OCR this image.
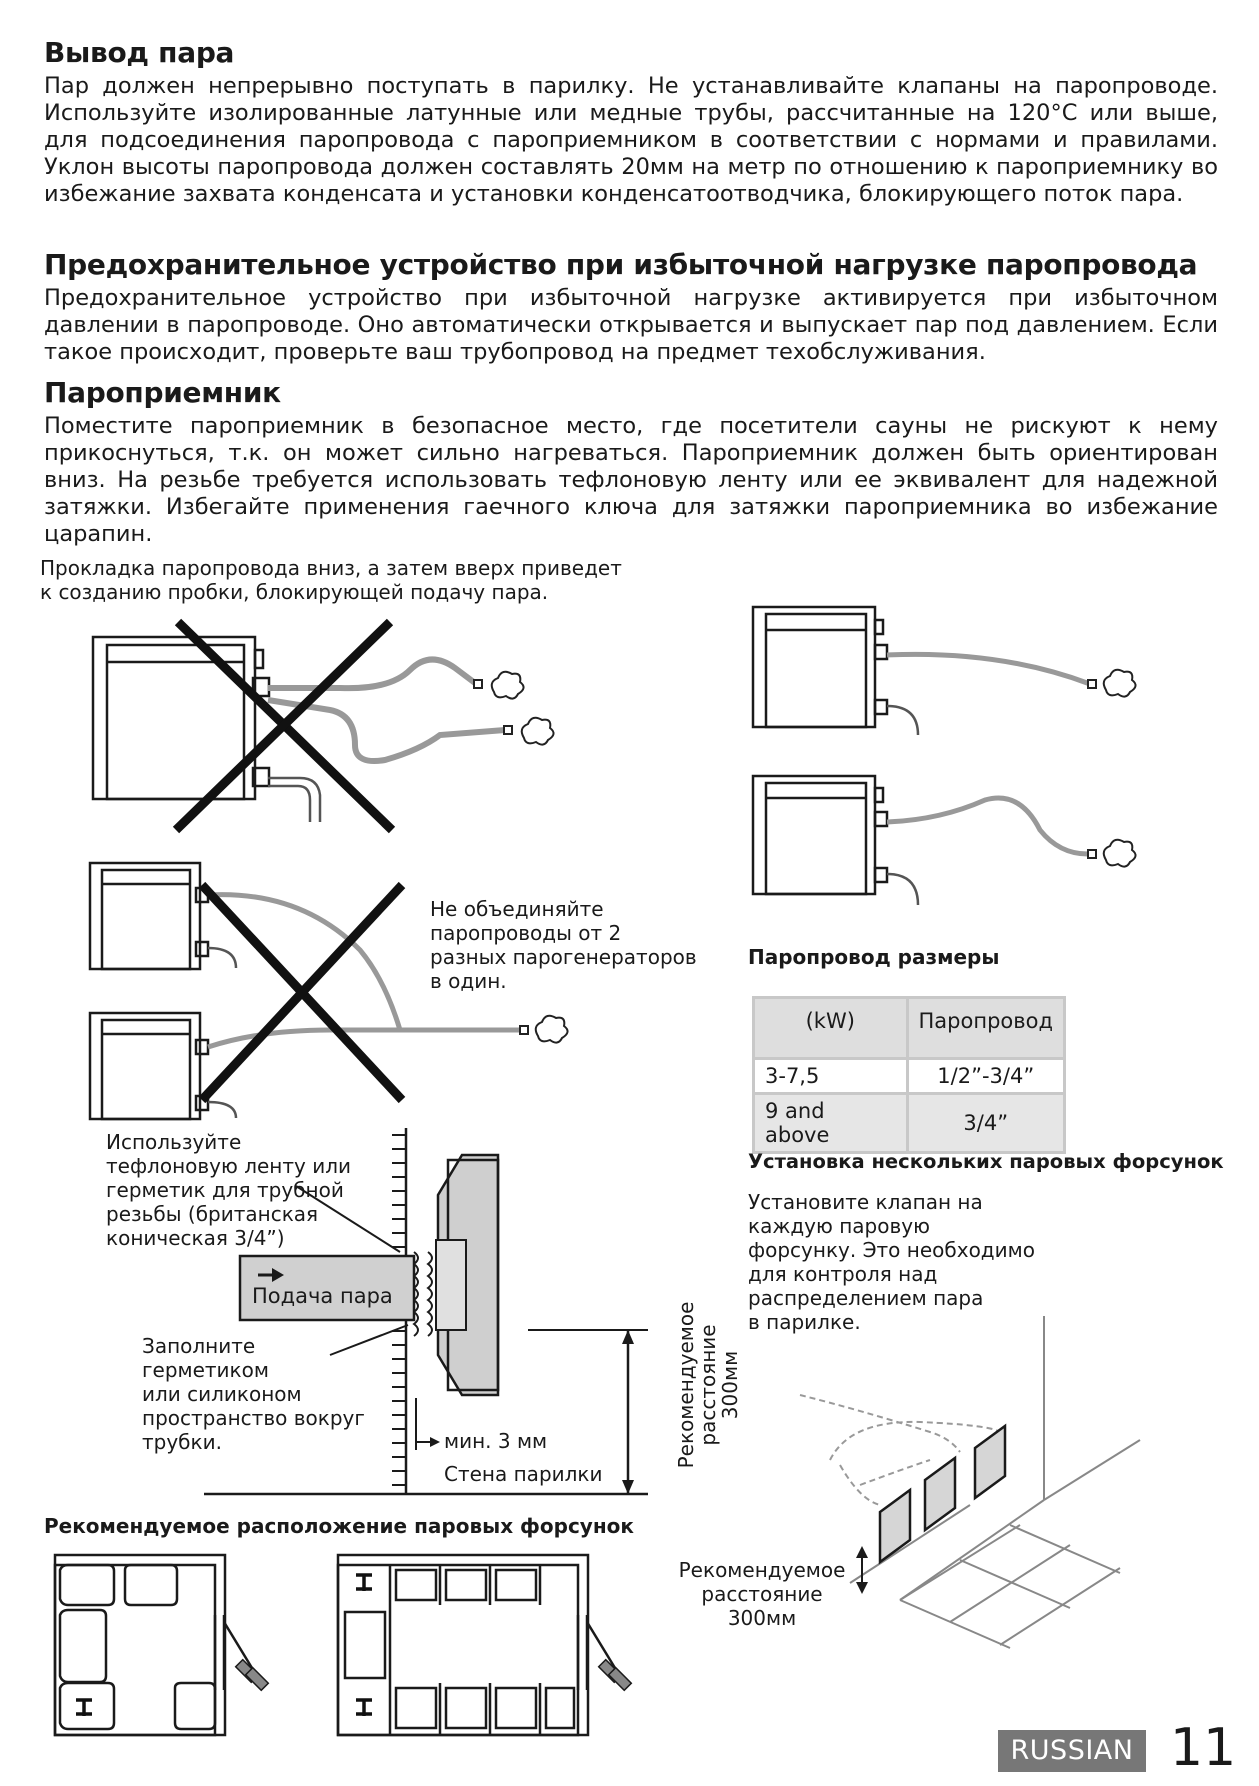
Вывод пара

Пар должен непрерывно поступать в парилку. Не устанавливайте клапаны на паропроводе. Используйте изолированные латунные или медные трубы, рассчитанные на 120°C или выше, для подсоединения паропровода с пароприемником в соответствии с нормами и правилами. Уклон высоты паропровода должен составлять 20мм на метр по отношению к пароприемнику во избежание захвата конденсата и установки конденсатоотводчика, блокирующего поток пара.

Предохранительное устройство при избыточной нагрузке паропровода

Предохранительное устройство при избыточной нагрузке активируется при избыточном давлении в паропроводе. Оно автоматически открывается и выпускает пар под давлением. Если такое происходит, проверьте ваш трубопровод на предмет техобслуживания.

Пароприемник

Поместите пароприемник в безопасное место, где посетители сауны не рискуют к нему прикоснуться, т.к. он может сильно нагреваться. Пароприемник должен быть ориентирован вниз. На резьбе требуется использовать тефлоновую ленту или ее эквивалент для надежной затяжки. Избегайте применения гаечного ключа для затяжки пароприемника во избежание царапин.

Прокладка паропровода вниз, а затем вверх приведет
к созданию пробки, блокирующей подачу пара.
Не объединяйте
паропроводы от 2
разных парогенераторов
в один.
Используйте
тефлоновую ленту или
герметик для трубной
резьбы (британская
коническая 3/4”)
Заполните
герметиком
или силиконом
пространство вокруг
трубки.	мин. 3 мм
Стена парилки
Рекомендуемое расположение паровых форсунок
Паропровод размеры
(kW)	Паропровод
3-7,5	1/2”-3/4”
9 and above	3/4”
Установка нескольких паровых форсунок
Установите клапан на
каждую паровую
форсунку. Это необходимо
для контроля над
распределением пара
в парилке.
Рекомендуемое
расстояние
300мм
Рекомендуемое
расстояние
300мм
Подача пара
RUSSIAN 11
